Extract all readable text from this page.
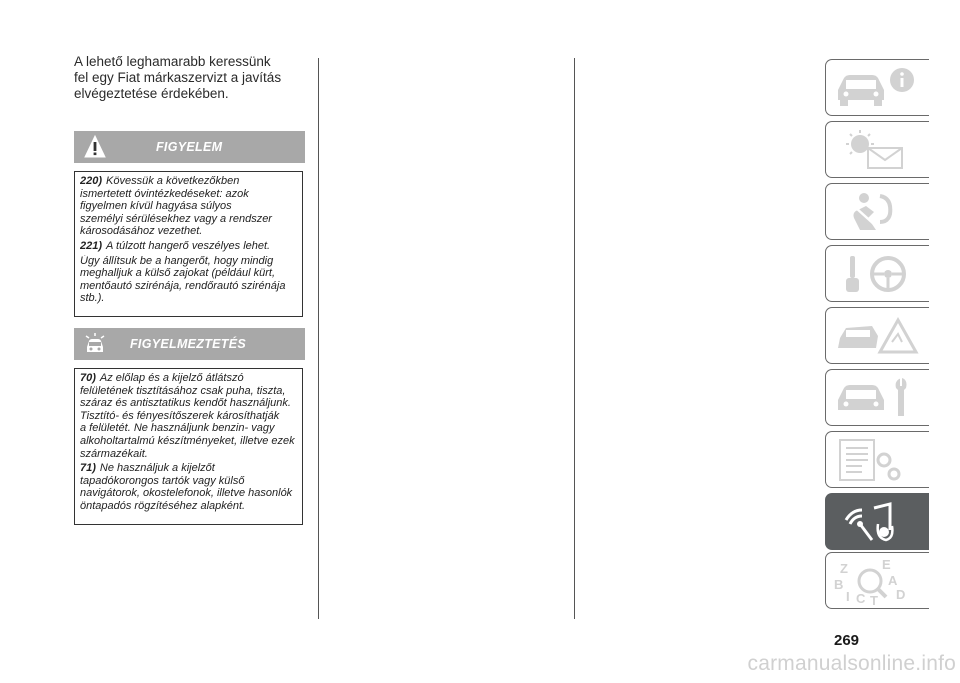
A lehető leghamarabb keressünk
fel egy Fiat márkaszervizt a javítás
elvégeztetése érdekében.
FIGYELEM
220) Kövessük a következőkben
ismertetett óvintézkedéseket: azok
figyelmen kívül hagyása súlyos
személyi sérülésekhez vagy a rendszer
károsodásához vezethet.
221) A túlzott hangerő veszélyes lehet.
Úgy állítsuk be a hangerőt, hogy mindig
meghalljuk a külső zajokat (például kürt,
mentőautó szirénája, rendőrautó szirénája
stb.).
FIGYELMEZTETÉS
70) Az előlap és a kijelző átlátszó
felületének tisztításához csak puha, tiszta,
száraz és antisztatikus kendőt használjunk.
Tisztító- és fényesítőszerek károsíthatják
a felületét. Ne használjunk benzin- vagy
alkoholtartalmú készítményeket, illetve ezek
származékait.
71) Ne használjuk a kijelzőt
tapadókorongos tartók vagy külső
navigátorok, okostelefonok, illetve hasonlók
öntapadós rögzítéséhez alapként.
Z	E
A
B
D
I C T
269
carmanualsonline.info
